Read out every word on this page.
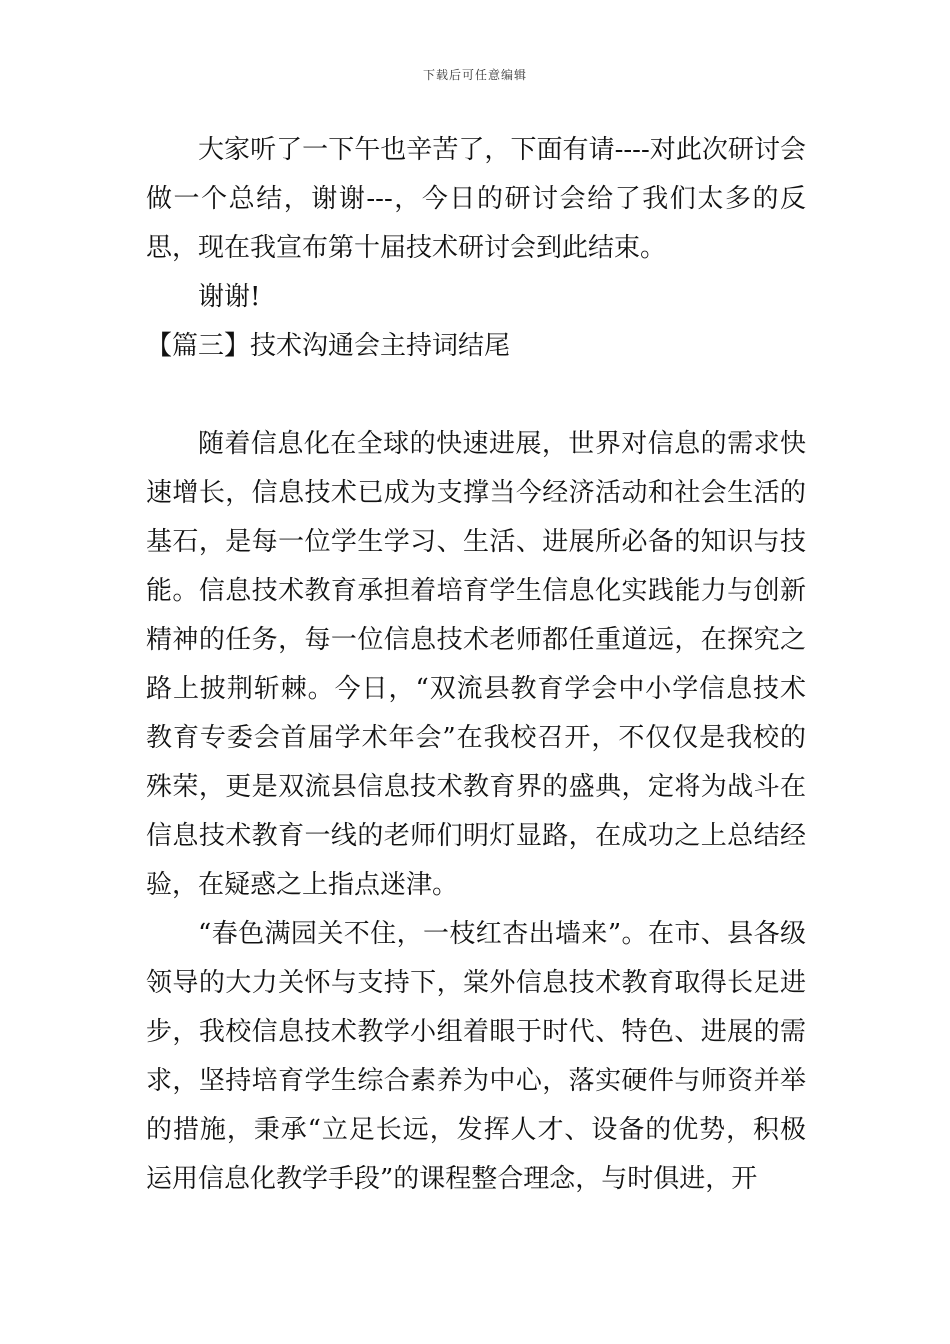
下载后可任意编辑

大家听了一下午也辛苦了，下面有请----对此次研讨会做一个总结，谢谢---，今日的研讨会给了我们太多的反思，现在我宣布第十届技术研讨会到此结束。

谢谢!

【篇三】技术沟通会主持词结尾

随着信息化在全球的快速进展，世界对信息的需求快速增长，信息技术已成为支撑当今经济活动和社会生活的基石，是每一位学生学习、生活、进展所必备的知识与技能。信息技术教育承担着培育学生信息化实践能力与创新精神的任务，每一位信息技术老师都任重道远，在探究之路上披荆斩棘。今日，“双流县教育学会中小学信息技术教育专委会首届学术年会”在我校召开，不仅仅是我校的殊荣，更是双流县信息技术教育界的盛典，定将为战斗在信息技术教育一线的老师们明灯显路，在成功之上总结经验，在疑惑之上指点迷津。

“春色满园关不住，一枝红杏出墙来”。在市、县各级领导的大力关怀与支持下，棠外信息技术教育取得长足进步，我校信息技术教学小组着眼于时代、特色、进展的需求，坚持培育学生综合素养为中心，落实硬件与师资并举的措施，秉承“立足长远，发挥人才、设备的优势，积极运用信息化教学手段”的课程整合理念，与时俱进，开
